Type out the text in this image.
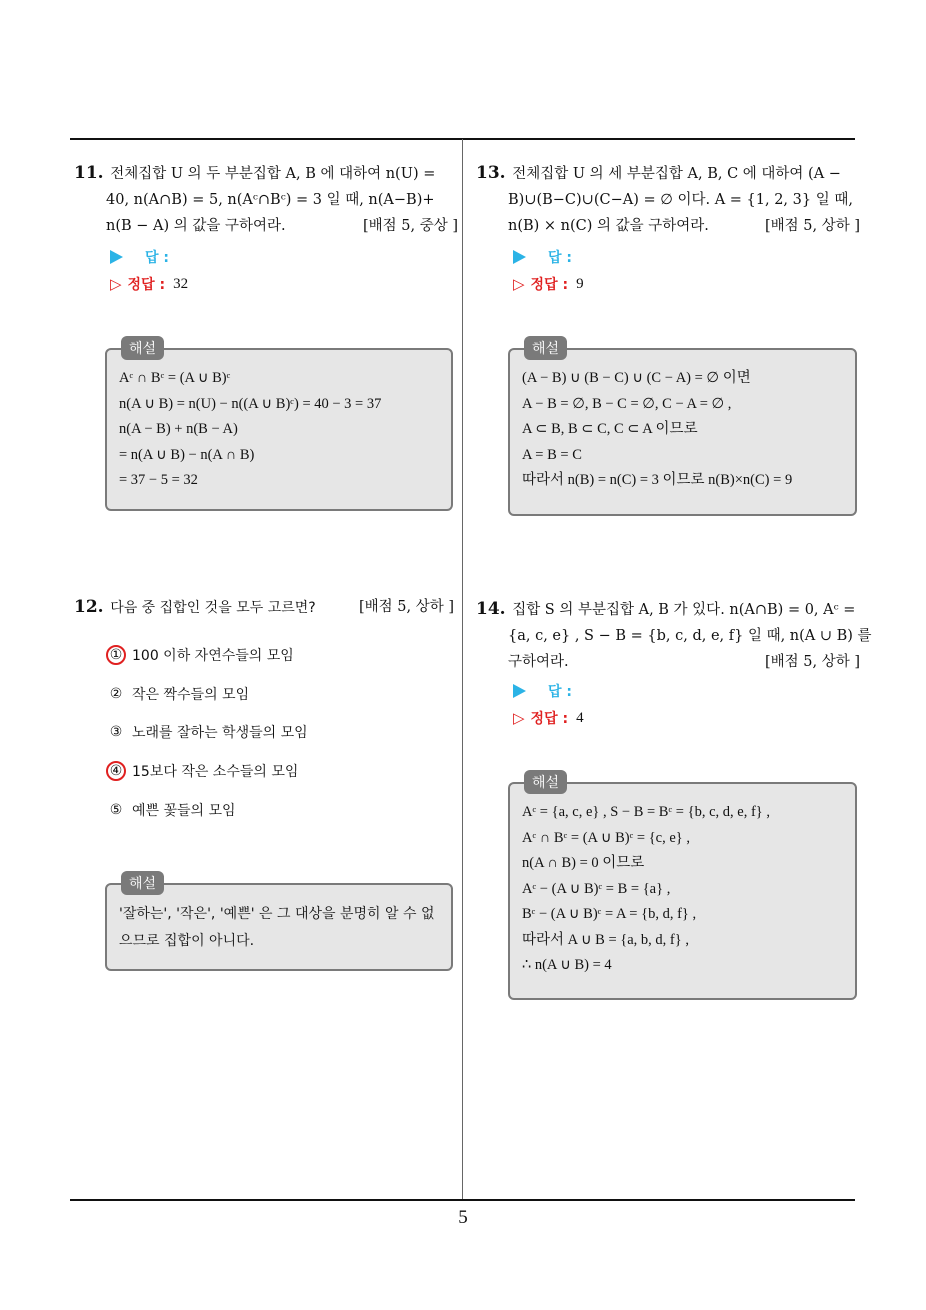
11. 전체집합 U 의 두 부분집합 A, B 에 대하여 n(U) =
40, n(A∩B) = 5, n(Aᶜ∩Bᶜ) = 3 일 때, n(A−B)+
n(B − A) 의 값을 구하여라.	[배점 5, 중상 ]
답 :
▷ 정답 : 32
해설
Aᶜ ∩ Bᶜ = (A ∪ B)ᶜ
n(A ∪ B) = n(U) − n((A ∪ B)ᶜ) = 40 − 3 = 37
n(A − B) + n(B − A)
= n(A ∪ B) − n(A ∩ B)
= 37 − 5 = 32
12. 다음 중 집합인 것을 모두 고르면?	[배점 5, 상하 ]
① 100 이하 자연수들의 모임
② 작은 짝수들의 모임
③ 노래를 잘하는 학생들의 모임
④ 15보다 작은 소수들의 모임
⑤ 예쁜 꽃들의 모임
해설
'잘하는', '작은', '예쁜' 은 그 대상을 분명히 알 수 없으므로 집합이 아니다.
13. 전체집합 U 의 세 부분집합 A, B, C 에 대하여 (A −
B)∪(B−C)∪(C−A) = ∅ 이다. A = {1, 2, 3} 일 때,
n(B) × n(C) 의 값을 구하여라.	[배점 5, 상하 ]
답 :
▷ 정답 : 9
해설
(A − B) ∪ (B − C) ∪ (C − A) = ∅ 이면
A − B = ∅, B − C = ∅, C − A = ∅ ,
A ⊂ B, B ⊂ C, C ⊂ A 이므로
A = B = C
따라서 n(B) = n(C) = 3 이므로 n(B)×n(C) = 9
14. 집합 S 의 부분집합 A, B 가 있다. n(A∩B) = 0, Aᶜ =
{a, c, e} , S − B = {b, c, d, e, f} 일 때, n(A ∪ B) 를
구하여라.	[배점 5, 상하 ]
답 :
▷ 정답 : 4
해설
Aᶜ = {a, c, e} , S − B = Bᶜ = {b, c, d, e, f} ,
Aᶜ ∩ Bᶜ = (A ∪ B)ᶜ = {c, e} ,
n(A ∩ B) = 0 이므로
Aᶜ − (A ∪ B)ᶜ = B = {a} ,
Bᶜ − (A ∪ B)ᶜ = A = {b, d, f} ,
따라서 A ∪ B = {a, b, d, f} ,
∴ n(A ∪ B) = 4
5
